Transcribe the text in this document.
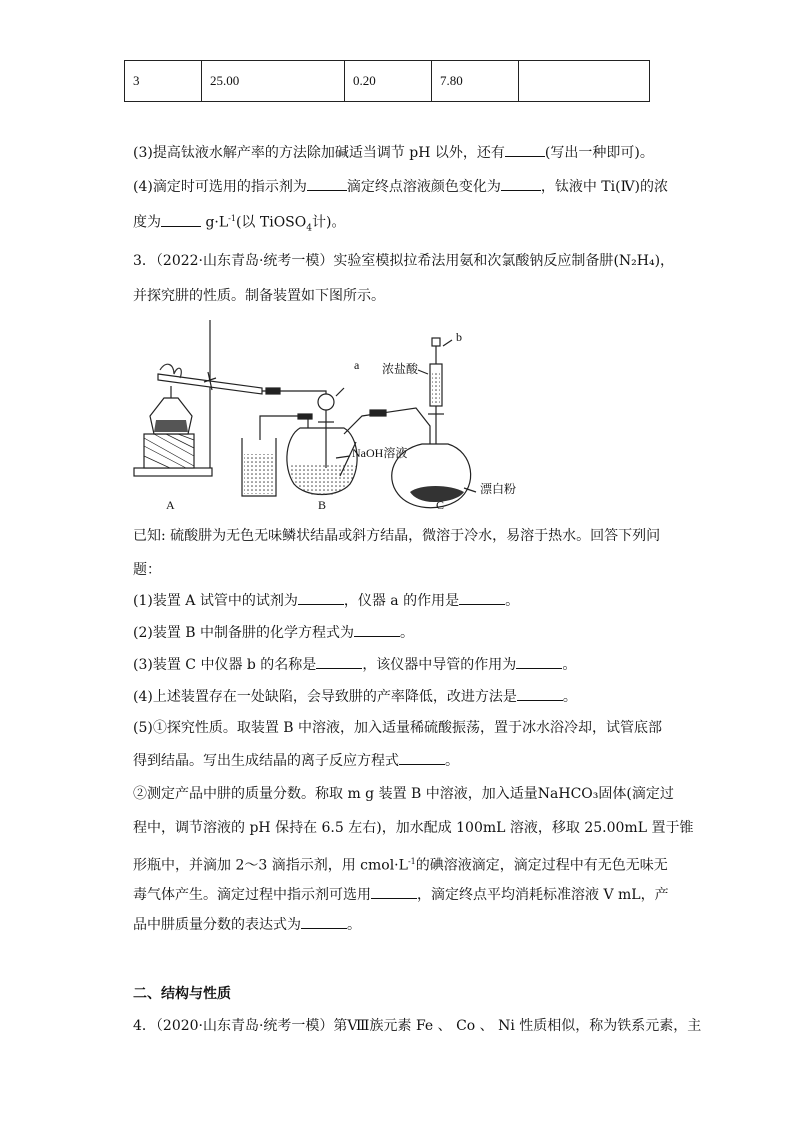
3	25.00	0.20	7.80	
(3)提高钛液水解产率的方法除加碱适当调节 pH 以外，还有	(写出一种即可)。
(4)滴定时可选用的指示剂为	滴定终点溶液颜色变化为	，钛液中 Ti(Ⅳ)的浓
度为	$g\cdot L^{-1}$(以 TiOSO$_4$计)。
3．（2022·山东青岛·统考一模）实验室模拟拉希法用氨和次氯酸钠反应制备肼(N₂H₄)，
并探究肼的性质。制备装置如下图所示。
a
b
浓盐酸
NaOH溶液
漂白粉
A	B	C
已知: 硫酸肼为无色无味鳞状结晶或斜方结晶，微溶于冷水，易溶于热水。回答下列问
题：
(1)装置 A 试管中的试剂为	，仪器 a 的作用是	。
(2)装置 B 中制备肼的化学方程式为	。
(3)装置 C 中仪器 b 的名称是	，该仪器中导管的作用为	。
(4)上述装置存在一处缺陷，会导致肼的产率降低，改进方法是	。
(5)①探究性质。取装置 B 中溶液，加入适量稀硫酸振荡，置于冰水浴冷却，试管底部
得到结晶。写出生成结晶的离子反应方程式	。
②测定产品中肼的质量分数。称取 m g 装置 B 中溶液，加入适量NaHCO₃固体(滴定过
程中，调节溶液的 pH 保持在 6.5 左右)，加水配成 100mL 溶液，移取 25.00mL 置于锥
形瓶中，并滴加 2～3 滴指示剂，用 $cmol\cdot L^{-1}$的碘溶液滴定，滴定过程中有无色无味无
毒气体产生。滴定过程中指示剂可选用	，滴定终点平均消耗标准溶液 V mL，产
品中肼质量分数的表达式为	。
二、结构与性质
4．（2020·山东青岛·统考一模）第Ⅷ族元素 Fe 、 Co 、 Ni 性质相似，称为铁系元素，主
